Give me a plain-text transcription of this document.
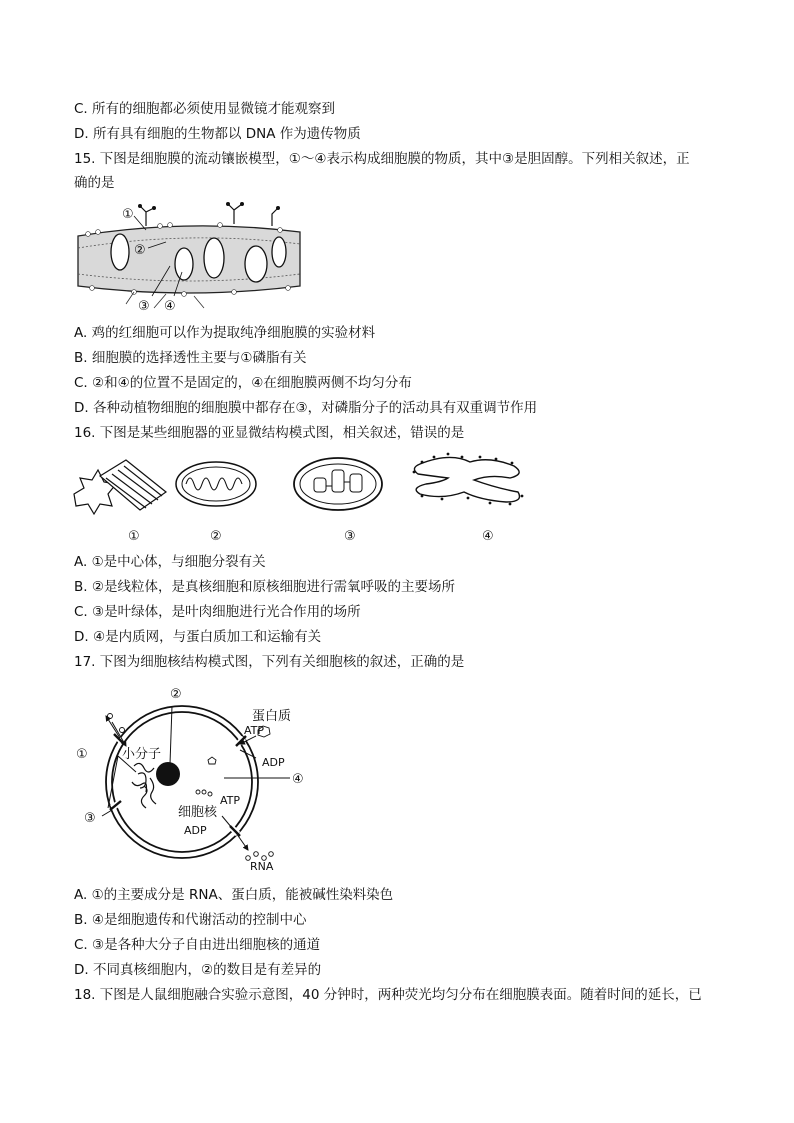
C. 所有的细胞都必须使用显微镜才能观察到
D. 所有具有细胞的生物都以 DNA 作为遗传物质
15. 下图是细胞膜的流动镶嵌模型，①～④表示构成细胞膜的物质，其中③是胆固醇。下列相关叙述，正
确的是
①
②
③ ④
A. 鸡的红细胞可以作为提取纯净细胞膜的实验材料
B. 细胞膜的选择透性主要与①磷脂有关
C. ②和④的位置不是固定的，④在细胞膜两侧不均匀分布
D. 各种动植物细胞的细胞膜中都存在③，对磷脂分子的活动具有双重调节作用
16. 下图是某些细胞器的亚显微结构模式图，相关叙述，错误的是
①	②	③	④
A. ①是中心体，与细胞分裂有关
B. ②是线粒体，是真核细胞和原核细胞进行需氧呼吸的主要场所
C. ③是叶绿体，是叶肉细胞进行光合作用的场所
D. ④是内质网，与蛋白质加工和运输有关
17. 下图为细胞核结构模式图，下列有关细胞核的叙述，正确的是
②
蛋白质
ATP
ADP
①	小分子
④
细胞核
ATP
ADP
③
RNA
A. ①的主要成分是 RNA、蛋白质，能被碱性染料染色
B. ④是细胞遗传和代谢活动的控制中心
C. ③是各种大分子自由进出细胞核的通道
D. 不同真核细胞内，②的数目是有差异的
18. 下图是人鼠细胞融合实验示意图，40 分钟时，两种荧光均匀分布在细胞膜表面。随着时间的延长，已
